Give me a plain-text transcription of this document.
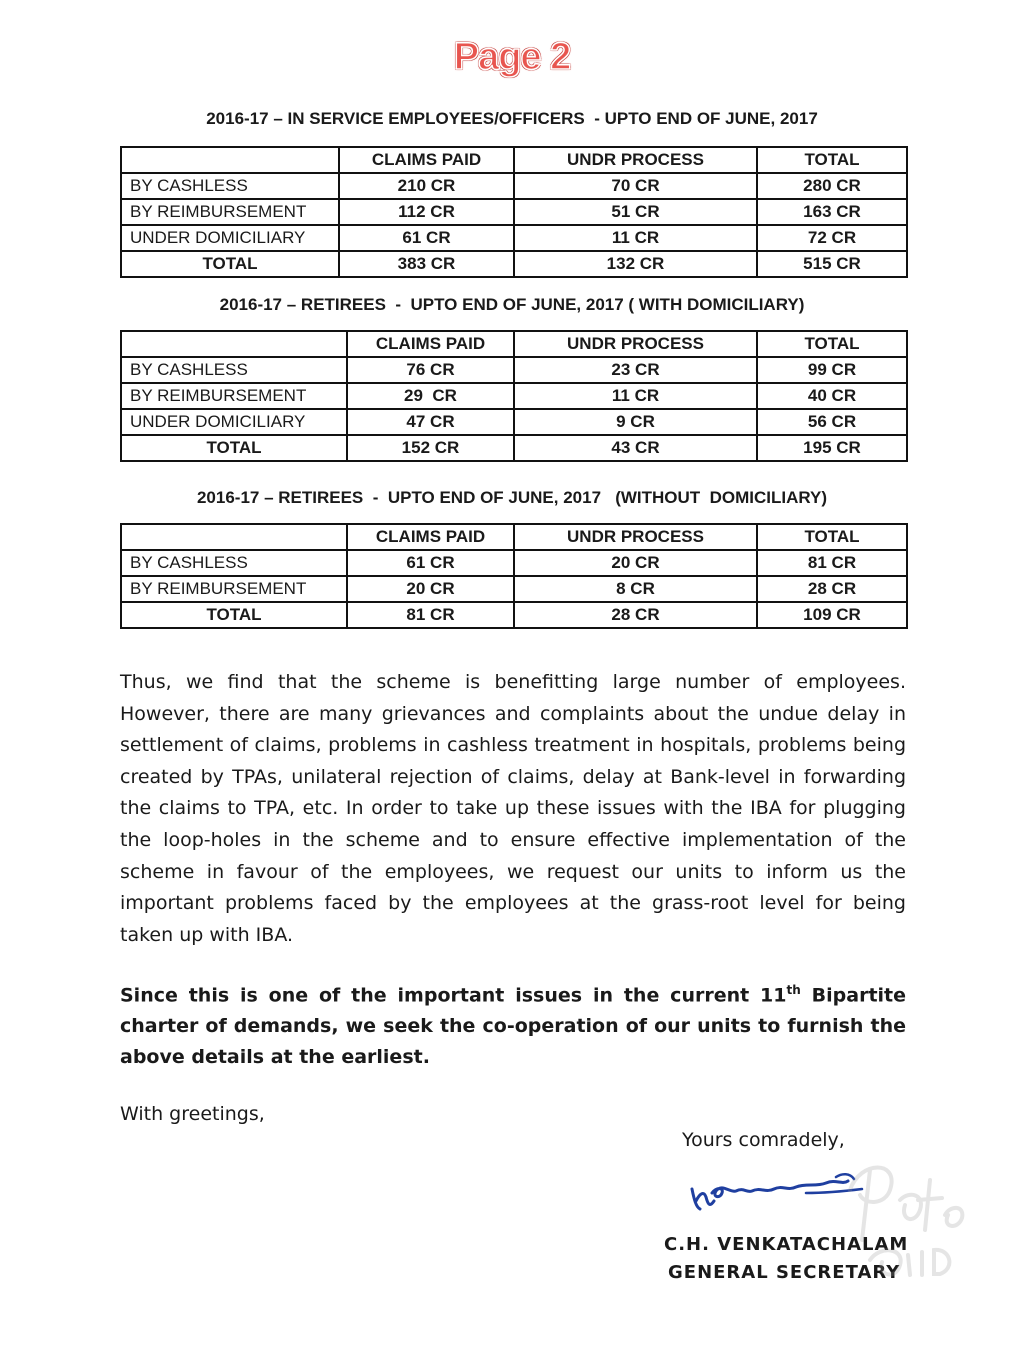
Page 2
2016-17 – IN SERVICE EMPLOYEES/OFFICERS  - UPTO END OF JUNE, 2017
	CLAIMS PAID	UNDR PROCESS	TOTAL
BY CASHLESS	210 CR	70 CR	280 CR
BY REIMBURSEMENT	112 CR	51 CR	163 CR
UNDER DOMICILIARY	61 CR	11 CR	72 CR
TOTAL	383 CR	132 CR	515 CR
2016-17 – RETIREES  -  UPTO END OF JUNE, 2017 ( WITH DOMICILIARY)
	CLAIMS PAID	UNDR PROCESS	TOTAL
BY CASHLESS	76 CR	23 CR	99 CR
BY REIMBURSEMENT	29  CR	11 CR	40 CR
UNDER DOMICILIARY	47 CR	9 CR	56 CR
TOTAL	152 CR	43 CR	195 CR
2016-17 – RETIREES  -  UPTO END OF JUNE, 2017   (WITHOUT  DOMICILIARY)
	CLAIMS PAID	UNDR PROCESS	TOTAL
BY CASHLESS	61 CR	20 CR	81 CR
BY REIMBURSEMENT	20 CR	8 CR	28 CR
TOTAL	81 CR	28 CR	109 CR
Thus, we find that the scheme is benefitting large number of employees. However, there are many grievances and complaints about the undue delay in settlement of claims, problems in cashless treatment in hospitals, problems being created by TPAs, unilateral rejection of claims, delay at Bank-level in forwarding the claims to TPA, etc. In order to take up these issues with the IBA for plugging the loop-holes in the scheme and to ensure effective implementation of the scheme in favour of the employees, we request our units to inform us the important problems faced by the employees at the grass-root level for being taken up with IBA.
Since this is one of the important issues in the current 11th Bipartite charter of demands, we seek the co-operation of our units to furnish the above details at the earliest.
With greetings,
Yours comradely,
C.H. VENKATACHALAM
GENERAL SECRETARY
